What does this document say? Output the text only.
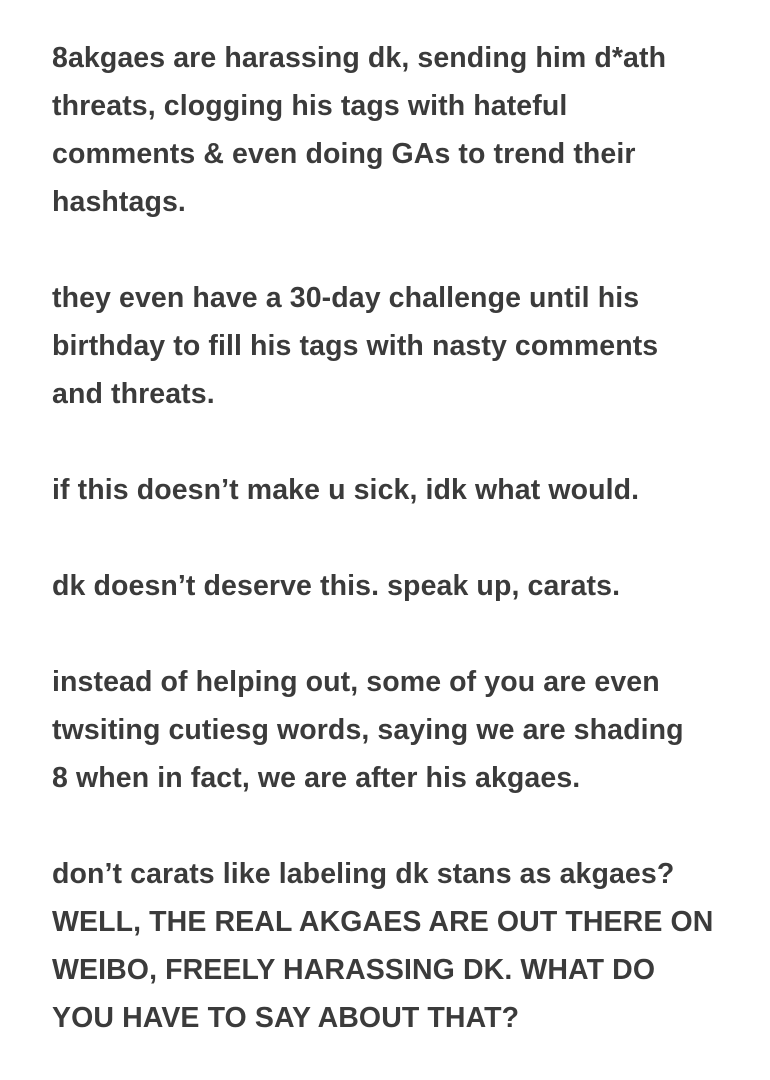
8akgaes are harassing dk, sending him d*ath
threats, clogging his tags with hateful
comments & even doing GAs to trend their
hashtags.

they even have a 30-day challenge until his
birthday to fill his tags with nasty comments
and threats.

if this doesn’t make u sick, idk what would.

dk doesn’t deserve this. speak up, carats.

instead of helping out, some of you are even
twsiting cutiesg words, saying we are shading
8 when in fact, we are after his akgaes.

don’t carats like labeling dk stans as akgaes?
WELL, THE REAL AKGAES ARE OUT THERE ON
WEIBO, FREELY HARASSING DK. WHAT DO
YOU HAVE TO SAY ABOUT THAT?
